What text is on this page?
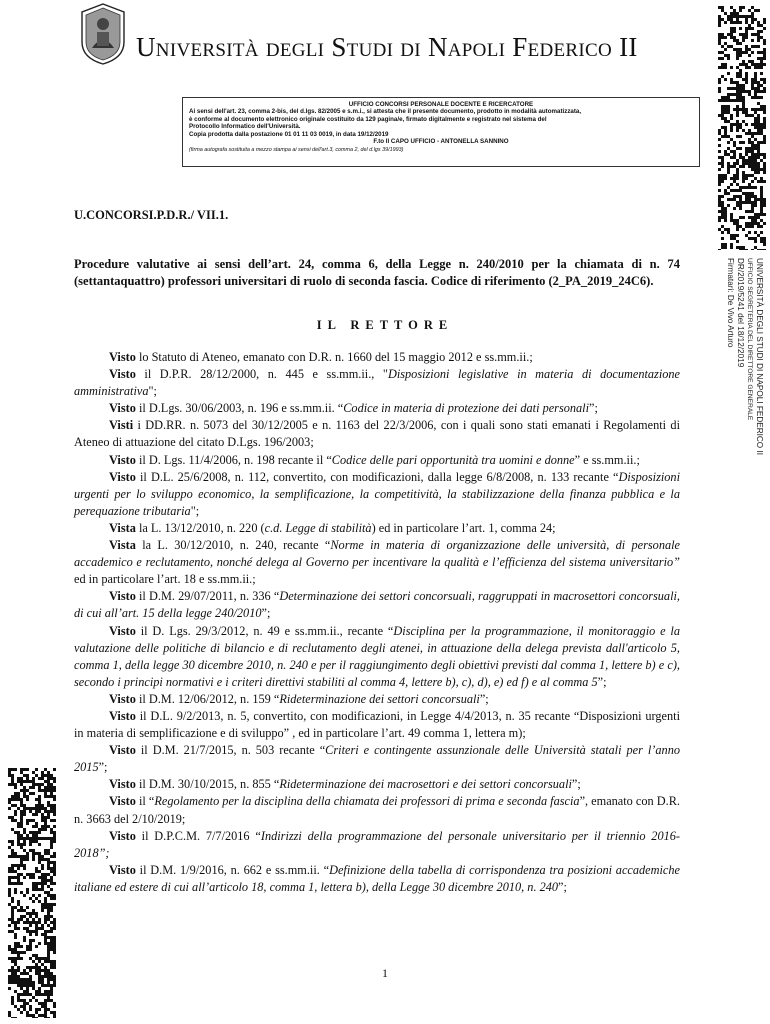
Università degli Studi di Napoli Federico II
UFFICIO CONCORSI PERSONALE DOCENTE E RICERCATORE
Ai sensi dell'art. 23, comma 2-bis, del d.lgs. 82/2005 e s.m.i., si attesta che il presente documento, prodotto in modalità automatizzata,
è conforme al documento elettronico originale costituito da 129 pagina/e, firmato digitalmente e registrato nel sistema del
Protocollo Informatico dell'Università.
Copia prodotta dalla postazione 01 01 11 03 0019, in data 19/12/2019
F.to Il CAPO UFFICIO - ANTONELLA SANNINO
(firma autografa sostituita a mezzo stampa ai sensi dell'art.3, comma 2, del d.lgs 39/1993)
UNIVERSITÀ DEGLI STUDI DI NAPOLI FEDERICO II
UFFICIO SEGRETERIA DEL DIRETTORE GENERALE
DR/2019/5241 del 18/12/2019
Firmatari: De Vivo Arturo
U.CONCORSI.P.D.R./ VII.1.
Procedure valutative ai sensi dell’art. 24, comma 6, della Legge n. 240/2010 per la chiamata di n. 74 (settantaquattro) professori universitari di ruolo di seconda fascia. Codice di riferimento (2_PA_2019_24C6).
IL RETTORE

Visto lo Statuto di Ateneo, emanato con D.R. n. 1660 del 15 maggio 2012 e ss.mm.ii.;

Visto il D.P.R. 28/12/2000, n. 445 e ss.mm.ii., "Disposizioni legislative in materia di documentazione amministrativa";

Visto il D.Lgs. 30/06/2003, n. 196 e ss.mm.ii. “Codice in materia di protezione dei dati personali”;

Visti i DD.RR. n. 5073 del 30/12/2005 e n. 1163 del 22/3/2006, con i quali sono stati emanati i Regolamenti di Ateneo di attuazione del citato D.Lgs. 196/2003;

Visto il D. Lgs. 11/4/2006, n. 198 recante il “Codice delle pari opportunità tra uomini e donne” e ss.mm.ii.;

Visto il D.L. 25/6/2008, n. 112, convertito, con modificazioni, dalla legge 6/8/2008, n. 133 recante “Disposizioni urgenti per lo sviluppo economico, la semplificazione, la competitività, la stabilizzazione della finanza pubblica e la perequazione tributaria";

Vista la L. 13/12/2010, n. 220 (c.d. Legge di stabilità) ed in particolare l’art. 1, comma 24;

Vista la L. 30/12/2010, n. 240, recante “Norme in materia di organizzazione delle università, di personale accademico e reclutamento, nonché delega al Governo per incentivare la qualità e l’efficienza del sistema universitario” ed in particolare l’art. 18 e ss.mm.ii.;

Visto il D.M. 29/07/2011, n. 336 “Determinazione dei settori concorsuali, raggruppati in macrosettori concorsuali, di cui all’art. 15 della legge 240/2010”;

Visto il D. Lgs. 29/3/2012, n. 49 e ss.mm.ii., recante “Disciplina per la programmazione, il monitoraggio e la valutazione delle politiche di bilancio e di reclutamento degli atenei, in attuazione della delega prevista dall'articolo 5, comma 1, della legge 30 dicembre 2010, n. 240 e per il raggiungimento degli obiettivi previsti dal comma 1, lettere b) e c), secondo i principi normativi e i criteri direttivi stabiliti al comma 4, lettere b), c), d), e) ed f) e al comma 5”;

Visto il D.M. 12/06/2012, n. 159 “Rideterminazione dei settori concorsuali”;

Visto il D.L. 9/2/2013, n. 5, convertito, con modificazioni, in Legge 4/4/2013, n. 35 recante “Disposizioni urgenti in materia di semplificazione e di sviluppo” , ed in particolare l’art. 49 comma 1, lettera m);

Visto il D.M. 21/7/2015, n. 503 recante “Criteri e contingente assunzionale delle Università statali per l’anno 2015”;

Visto il D.M. 30/10/2015, n. 855 “Rideterminazione dei macrosettori e dei settori concorsuali”;

Visto il “Regolamento per la disciplina della chiamata dei professori di prima e seconda fascia”, emanato con D.R. n. 3663 del 2/10/2019;

Visto il D.P.C.M. 7/7/2016 “Indirizzi della programmazione del personale universitario per il triennio 2016-2018”;

Visto il D.M. 1/9/2016, n. 662 e ss.mm.ii. “Definizione della tabella di corrispondenza tra posizioni accademiche italiane ed estere di cui all’articolo 18, comma 1, lettera b), della Legge 30 dicembre 2010, n. 240”;

1
